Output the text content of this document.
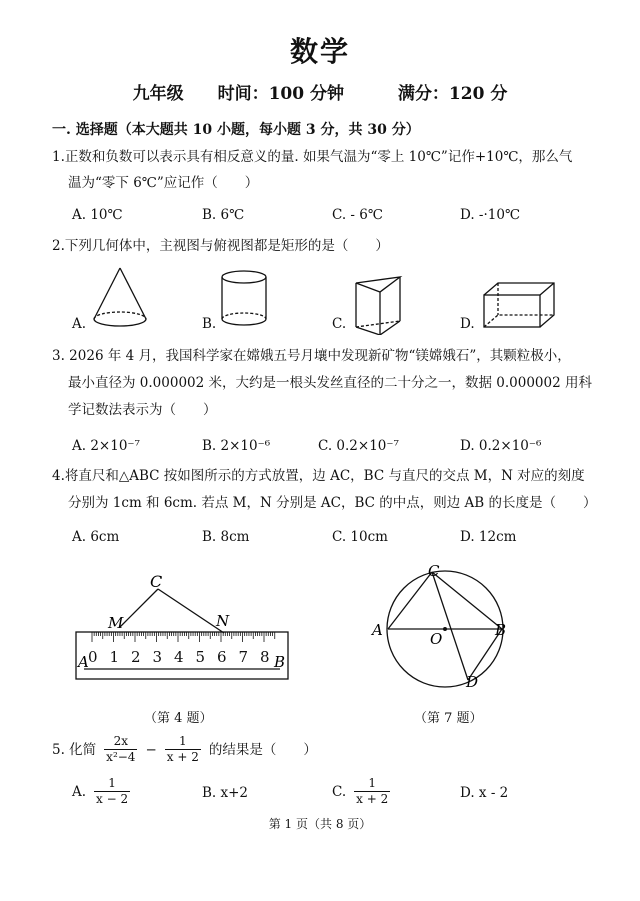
数学
九年级 时间：100 分钟	满分：120 分
一. 选择题（本大题共 10 小题，每小题 3 分，共 30 分）
1.正数和负数可以表示具有相反意义的量. 如果气温为“零上 10℃”记作+10℃，那么气
温为“零下 6℃”应记作（　　）
A. 10℃	B. 6℃	C. - 6℃	D. -·10℃
2.下列几何体中，主视图与俯视图都是矩形的是（　　）
A.	B.	C.	D.
3. 2026 年 4 月，我国科学家在嫦娥五号月壤中发现新矿物“镁嫦娥石”，其颗粒极小，
最小直径为 0.000002 米，大约是一根头发丝直径的二十分之一，数据 0.000002 用科
学记数法表示为（　　）
A. 2×10⁻⁷	B. 2×10⁻⁶	C. 0.2×10⁻⁷	D. 0.2×10⁻⁶
4.将直尺和△ABC 按如图所示的方式放置，边 AC，BC 与直尺的交点 M，N 对应的刻度
分别为 1cm 和 6cm. 若点 M，N 分别是 AC，BC 的中点，则边 AB 的长度是（　　）
A. 6cm	B. 8cm	C. 10cm	D. 12cm
0 1 2 3 4 5 6 7 8
C
M	N
A	B
（第 4 题）
C
A	B
O
D
（第 7 题）
5. 化简 $\frac{2x}{\text{x²−4}} - \frac{1}{x + 2}$ 的结果是（　　）
A. $\frac{1}{x - 2}$	B. x+2	C. $\frac{1}{x + 2}$	D. x - 2
第 1 页（共 8 页）
